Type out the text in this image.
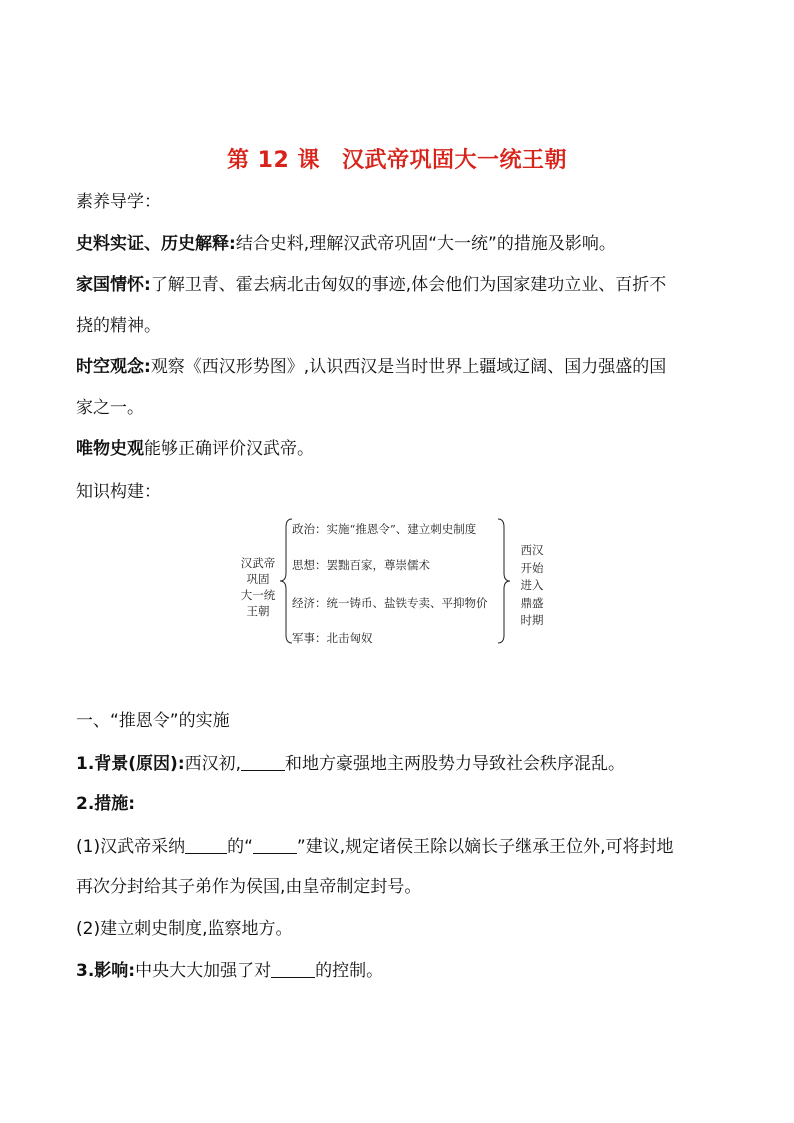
第 12 课 汉武帝巩固大一统王朝
素养导学：
史料实证、历史解释:结合史料,理解汉武帝巩固“大一统”的措施及影响。
家国情怀:了解卫青、霍去病北击匈奴的事迹,体会他们为国家建功立业、百折不
挠的精神。
时空观念:观察《西汉形势图》,认识西汉是当时世界上疆域辽阔、国力强盛的国
家之一。
唯物史观能够正确评价汉武帝。
知识构建：
汉武帝
巩固
大一统
王朝
政治：实施“推恩令”、建立刺史制度
思想：罢黜百家，尊崇儒术
经济：统一铸币、盐铁专卖、平抑物价
军事：北击匈奴
西汉
开始
进入
鼎盛
时期
一、“推恩令”的实施
1.背景(原因):西汉初,	和地方豪强地主两股势力导致社会秩序混乱。
2.措施:
(1)汉武帝采纳 的“	”建议,规定诸侯王除以嫡长子继承王位外,可将封地
再次分封给其子弟作为侯国,由皇帝制定封号。
(2)建立刺史制度,监察地方。
3.影响:中央大大加强了对	的控制。
